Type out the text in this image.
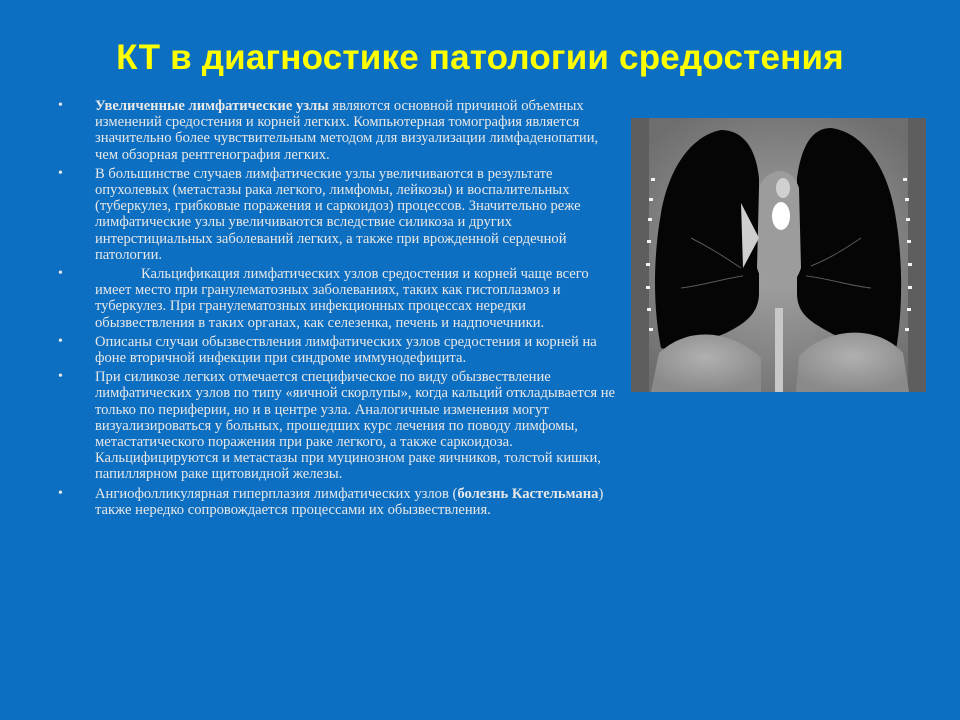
КТ в диагностике патологии средостения
• Увеличенные лимфатические узлы являются основной причиной объемных изменений средостения и корней легких. Компьютерная томография является значительно более чувствительным методом для визуализации лимфаденопатии, чем обзорная рентгенография легких.
• В большинстве случаев лимфатические узлы увеличиваются в результате опухолевых (метастазы рака легкого, лимфомы, лейкозы) и воспалительных (туберкулез, грибковые поражения и саркоидоз) процессов. Значительно реже лимфатические узлы увеличиваются вследствие силикоза и других интерстициальных заболеваний легких, а также при врожденной сердечной патологии.
•	Кальцификация лимфатических узлов средостения и корней чаще всего имеет место при гранулематозных заболеваниях, таких как гистоплазмоз и туберкулез. При гранулематозных инфекционных процессах нередки обызвествления в таких органах, как селезенка, печень и надпочечники.
• Описаны случаи обызвествления лимфатических узлов средостения и корней на фоне вторичной инфекции при синдроме иммунодефицита.
• При силикозе легких отмечается специфическое по виду обызвествление лимфатических узлов по типу «яичной скорлупы», когда кальций откладывается не только по периферии, но и в центре узла. Аналогичные изменения могут визуализироваться у больных, прошедших курс лечения по поводу лимфомы, метастатического поражения при раке легкого, а также саркоидоза. Кальцифицируются и метастазы при муцинозном раке яичников, толстой кишки, папиллярном раке щитовидной железы.
• Ангиофолликулярная гиперплазия лимфатических узлов (болезнь Кастельмана) также нередко сопровождается процессами их обызвествления.
